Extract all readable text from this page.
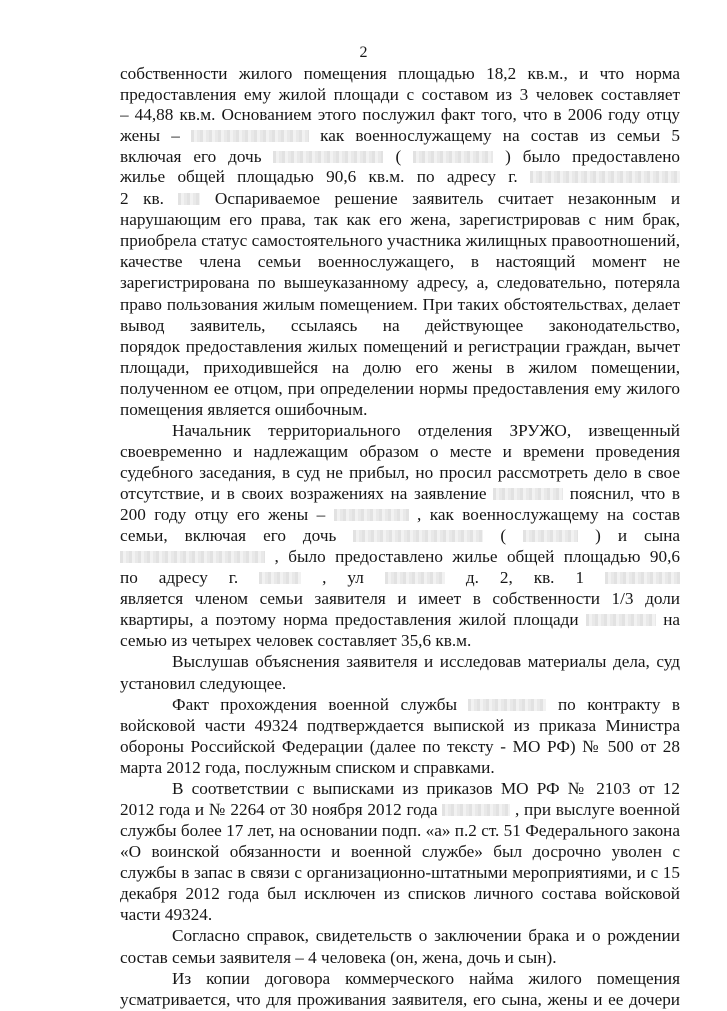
2
собственности жилого помещения площадью 18,2 кв.м., и что норма
предоставления ему жилой площади с составом из 3 человек составляет
– 44,88 кв.м. Основанием этого послужил факт того, что в 2006 году отцу
жены –	как военнослужащему на состав из семьи 5
включая его дочь	(	) было предоставлено
жилье общей площадью 90,6 кв.м. по адресу г.
2 кв.	Оспариваемое решение заявитель считает незаконным и
нарушающим его права, так как его жена, зарегистрировав с ним брак,
приобрела статус самостоятельного участника жилищных правоотношений,
качестве члена семьи военнослужащего, в настоящий момент не
зарегистрирована по вышеуказанному адресу, а, следовательно, потеряла
право пользования жилым помещением. При таких обстоятельствах, делает
вывод заявитель, ссылаясь на действующее законодательство,
порядок предоставления жилых помещений и регистрации граждан, вычет
площади, приходившейся на долю его жены в жилом помещении,
полученном ее отцом, при определении нормы предоставления ему жилого
помещения является ошибочным.
Начальник территориального отделения ЗРУЖО, извещенный
своевременно и надлежащим образом о месте и времени проведения
судебного заседания, в суд не прибыл, но просил рассмотреть дело в свое
отсутствие, и в своих возражениях на заявление	пояснил, что в
200 году отцу его жены –	, как военнослужащему на состав
семьи, включая его дочь	(	) и сына
, было предоставлено жилье общей площадью 90,6
по адресу г.	, ул	д. 2, кв. 1
является членом семьи заявителя и имеет в собственности 1/3 доли
квартиры, а поэтому норма предоставления жилой площади	на
семью из четырех человек составляет 35,6 кв.м.
Выслушав объяснения заявителя и исследовав материалы дела, суд
установил следующее.
Факт прохождения военной службы	по контракту в
войсковой части 49324 подтверждается выпиской из приказа Министра
обороны Российской Федерации (далее по тексту - МО РФ) № 500 от 28
марта 2012 года, послужным списком и справками.
В соответствии с выписками из приказов МО РФ № 2103 от 12
2012 года и № 2264 от 30 ноября 2012 года	, при выслуге военной
службы более 17 лет, на основании подп. «а» п.2 ст. 51 Федерального закона
«О воинской обязанности и военной службе» был досрочно уволен с
службы в запас в связи с организационно-штатными мероприятиями, и с 15
декабря 2012 года был исключен из списков личного состава войсковой
части 49324.
Согласно справок, свидетельств о заключении брака и о рождении
состав семьи заявителя – 4 человека (он, жена, дочь и сын).
Из копии договора коммерческого найма жилого помещения
усматривается, что для проживания заявителя, его сына, жены и ее дочери
